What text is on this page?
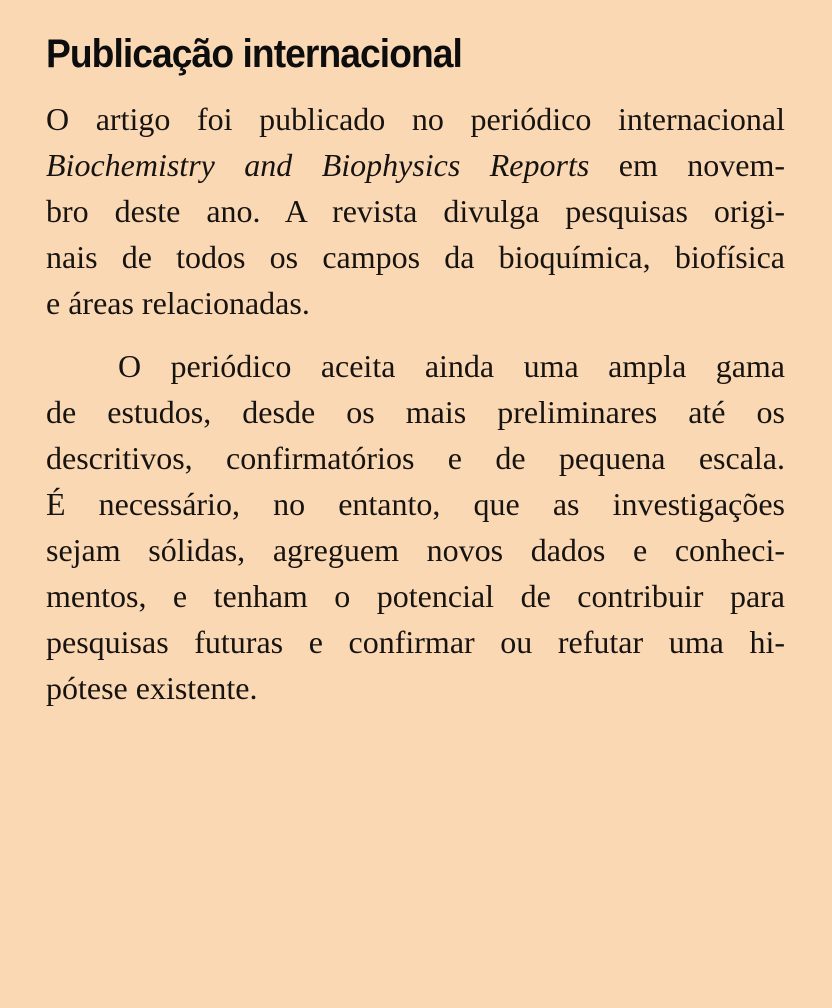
Publicação internacional
O artigo foi publicado no periódico internacional
Biochemistry and Biophysics Reports em novem-
bro deste ano. A revista divulga pesquisas origi-
nais de todos os campos da bioquímica, biofísica
e áreas relacionadas.
O periódico aceita ainda uma ampla gama
de estudos, desde os mais preliminares até os
descritivos, confirmatórios e de pequena escala.
É necessário, no entanto, que as investigações
sejam sólidas, agreguem novos dados e conheci-
mentos, e tenham o potencial de contribuir para
pesquisas futuras e confirmar ou refutar uma hi-
pótese existente.
